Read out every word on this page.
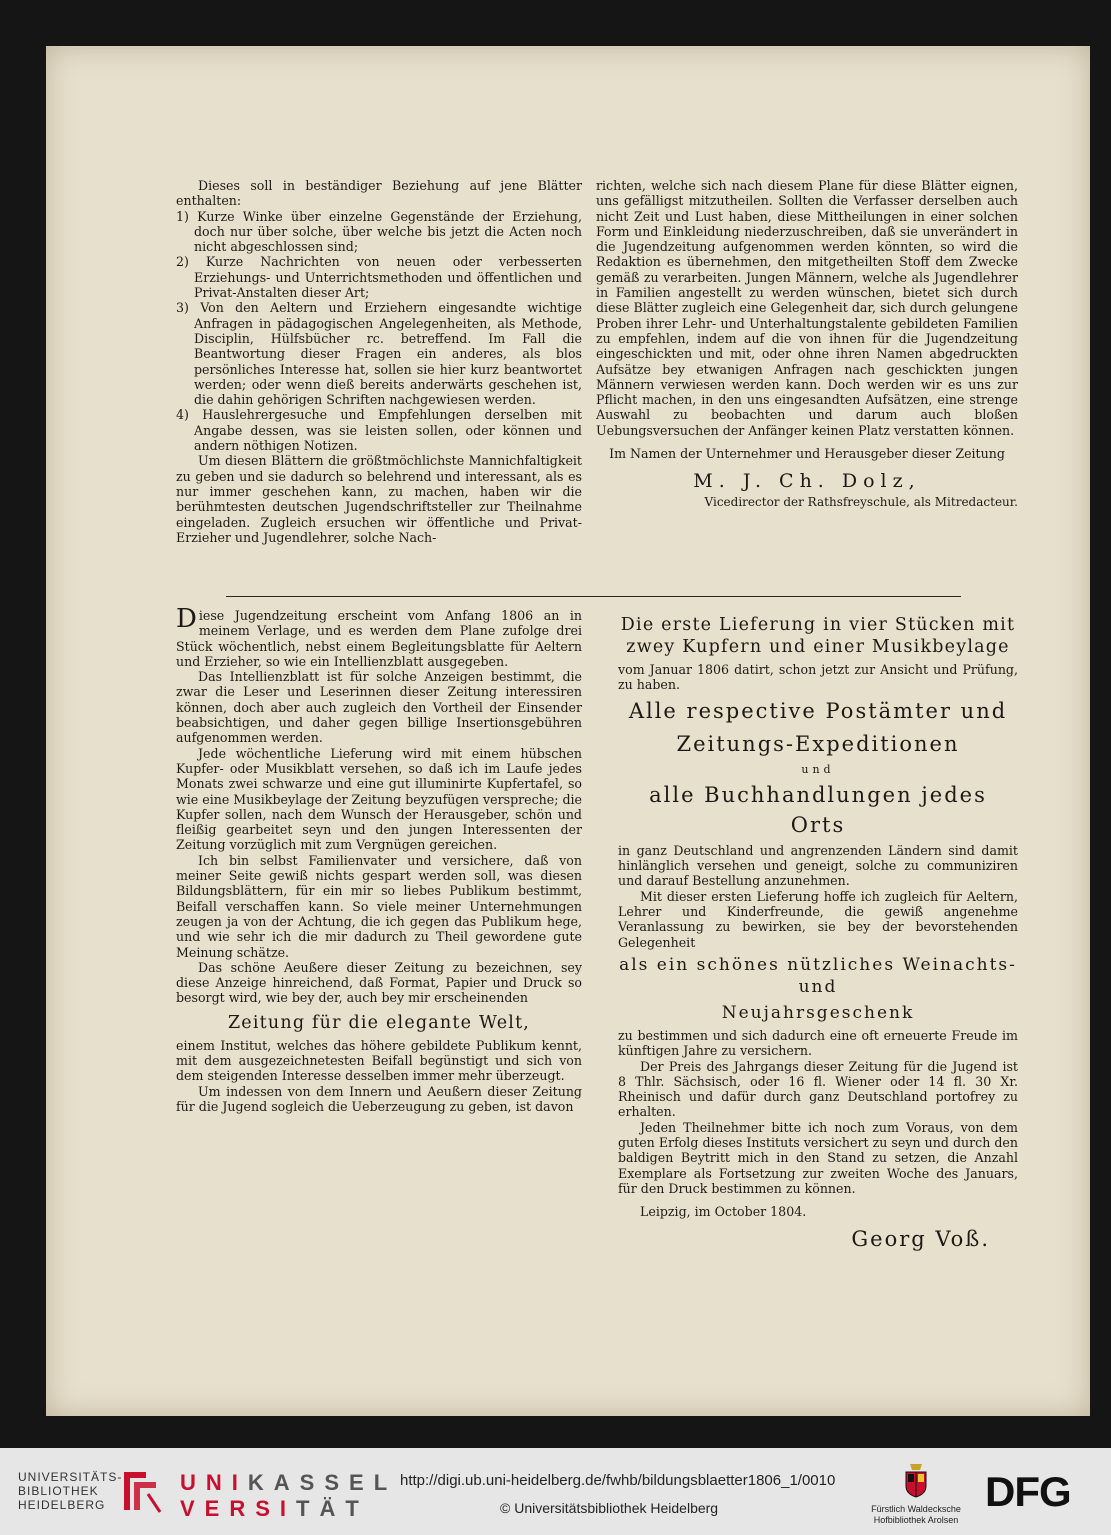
Dieses soll in beständiger Beziehung auf jene Blätter enthalten:

1) Kurze Winke über einzelne Gegenstände der Erziehung, doch nur über solche, über welche bis jetzt die Acten noch nicht abgeschlossen sind;

2) Kurze Nachrichten von neuen oder verbesserten Erziehungs- und Unterrichtsmethoden und öffentlichen und Privat-Anstalten dieser Art;

3) Von den Aeltern und Erziehern eingesandte wichtige Anfragen in pädagogischen Angelegenheiten, als Methode, Disciplin, Hülfsbücher rc. betreffend. Im Fall die Beantwortung dieser Fragen ein anderes, als blos persönliches Interesse hat, sollen sie hier kurz beantwortet werden; oder wenn dieß bereits anderwärts geschehen ist, die dahin gehörigen Schriften nachgewiesen werden.

4) Hauslehrergesuche und Empfehlungen derselben mit Angabe dessen, was sie leisten sollen, oder können und andern nöthigen Notizen.

Um diesen Blättern die größtmöchlichste Mannichfaltigkeit zu geben und sie dadurch so belehrend und interessant, als es nur immer geschehen kann, zu machen, haben wir die berühmtesten deutschen Jugendschriftsteller zur Theilnahme eingeladen. Zugleich ersuchen wir öffentliche und Privat-Erzieher und Jugendlehrer, solche Nach-

richten, welche sich nach diesem Plane für diese Blätter eignen, uns gefälligst mitzutheilen. Sollten die Verfasser derselben auch nicht Zeit und Lust haben, diese Mittheilungen in einer solchen Form und Einkleidung niederzuschreiben, daß sie unverändert in die Jugendzeitung aufgenommen werden könnten, so wird die Redaktion es übernehmen, den mitgetheilten Stoff dem Zwecke gemäß zu verarbeiten. Jungen Männern, welche als Jugendlehrer in Familien angestellt zu werden wünschen, bietet sich durch diese Blätter zugleich eine Gelegenheit dar, sich durch gelungene Proben ihrer Lehr- und Unterhaltungstalente gebildeten Familien zu empfehlen, indem auf die von ihnen für die Jugendzeitung eingeschickten und mit, oder ohne ihren Namen abgedruckten Aufsätze bey etwanigen Anfragen nach geschickten jungen Männern verwiesen werden kann. Doch werden wir es uns zur Pflicht machen, in den uns eingesandten Aufsätzen, eine strenge Auswahl zu beobachten und darum auch bloßen Uebungsversuchen der Anfänger keinen Platz verstatten können.

Im Namen der Unternehmer und Herausgeber dieser Zeitung

M. J. Ch. Dolz,

Vicedirector der Rathsfreyschule, als Mitredacteur.

Diese Jugendzeitung erscheint vom Anfang 1806 an in meinem Verlage, und es werden dem Plane zufolge drei Stück wöchentlich, nebst einem Begleitungsblatte für Aeltern und Erzieher, so wie ein Intellienzblatt ausgegeben.

Das Intellienzblatt ist für solche Anzeigen bestimmt, die zwar die Leser und Leserinnen dieser Zeitung interessiren können, doch aber auch zugleich den Vortheil der Einsender beabsichtigen, und daher gegen billige Insertionsgebühren aufgenommen werden.

Jede wöchentliche Lieferung wird mit einem hübschen Kupfer- oder Musikblatt versehen, so daß ich im Laufe jedes Monats zwei schwarze und eine gut illuminirte Kupfertafel, so wie eine Musikbeylage der Zeitung beyzufügen verspreche; die Kupfer sollen, nach dem Wunsch der Herausgeber, schön und fleißig gearbeitet seyn und den jungen Interessenten der Zeitung vorzüglich mit zum Vergnügen gereichen.

Ich bin selbst Familienvater und versichere, daß von meiner Seite gewiß nichts gespart werden soll, was diesen Bildungsblättern, für ein mir so liebes Publikum bestimmt, Beifall verschaffen kann. So viele meiner Unternehmungen zeugen ja von der Achtung, die ich gegen das Publikum hege, und wie sehr ich die mir dadurch zu Theil gewordene gute Meinung schätze.

Das schöne Aeußere dieser Zeitung zu bezeichnen, sey diese Anzeige hinreichend, daß Format, Papier und Druck so besorgt wird, wie bey der, auch bey mir erscheinenden

Zeitung für die elegante Welt,

einem Institut, welches das höhere gebildete Publikum kennt, mit dem ausgezeichnetesten Beifall begünstigt und sich von dem steigenden Interesse desselben immer mehr überzeugt.

Um indessen von dem Innern und Aeußern dieser Zeitung für die Jugend sogleich die Ueberzeugung zu geben, ist davon

Die erste Lieferung in vier Stücken mit zwey Kupfern und einer Musikbeylage

vom Januar 1806 datirt, schon jetzt zur Ansicht und Prüfung, zu haben.

Alle respective Postämter und

Zeitungs-Expeditionen

und

alle Buchhandlungen jedes Orts

in ganz Deutschland und angrenzenden Ländern sind damit hinlänglich versehen und geneigt, solche zu communiziren und darauf Bestellung anzunehmen.

Mit dieser ersten Lieferung hoffe ich zugleich für Aeltern, Lehrer und Kinderfreunde, die gewiß angenehme Veranlassung zu bewirken, sie bey der bevorstehenden Gelegenheit

als ein schönes nützliches Weinachts- und

Neujahrsgeschenk

zu bestimmen und sich dadurch eine oft erneuerte Freude im künftigen Jahre zu versichern.

Der Preis des Jahrgangs dieser Zeitung für die Jugend ist 8 Thlr. Sächsisch, oder 16 fl. Wiener oder 14 fl. 30 Xr. Rheinisch und dafür durch ganz Deutschland portofrey zu erhalten.

Jeden Theilnehmer bitte ich noch zum Voraus, von dem guten Erfolg dieses Instituts versichert zu seyn und durch den baldigen Beytritt mich in den Stand zu setzen, die Anzahl Exemplare als Fortsetzung zur zweiten Woche des Januars, für den Druck bestimmen zu können.

Leipzig, im October 1804.

Georg Voß.

UNIVERSITÄTS-
BIBLIOTHEK
HEIDELBERG
UNIKASSEL
VERSITÄT
http://digi.ub.uni-heidelberg.de/fwhb/bildungsblaetter1806_1/0010
© Universitätsbibliothek Heidelberg	Fürstlich Waldecksche
Hofbibliothek Arolsen
DFG
